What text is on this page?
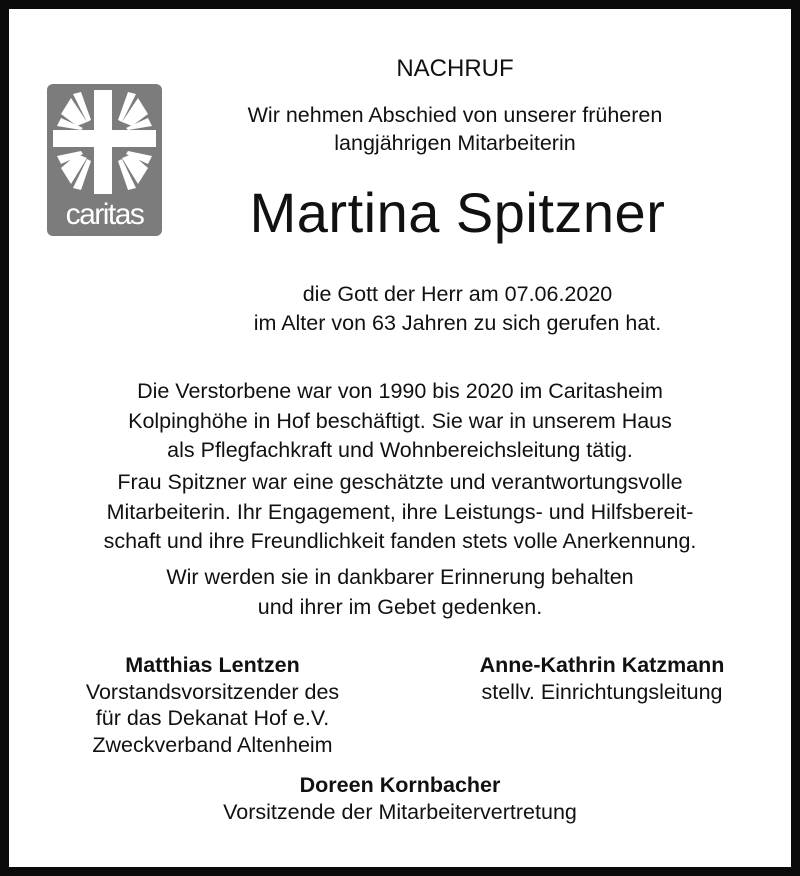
caritas
NACHRUF
Wir nehmen Abschied von unserer früheren
langjährigen Mitarbeiterin
Martina Spitzner
die Gott der Herr am 07.06.2020
im Alter von 63 Jahren zu sich gerufen hat.
Die Verstorbene war von 1990 bis 2020 im Caritasheim
Kolpinghöhe in Hof beschäftigt. Sie war in unserem Haus
als Pflegfachkraft und Wohnbereichsleitung tätig.
Frau Spitzner war eine geschätzte und verantwortungsvolle
Mitarbeiterin. Ihr Engagement, ihre Leistungs- und Hilfsbereit-
schaft und ihre Freundlichkeit fanden stets volle Anerkennung.
Wir werden sie in dankbarer Erinnerung behalten
und ihrer im Gebet gedenken.
Matthias Lentzen
Vorstandsvorsitzender des
für das Dekanat Hof e.V.
Zweckverband Altenheim
Anne-Kathrin Katzmann
stellv. Einrichtungsleitung
Doreen Kornbacher
Vorsitzende der Mitarbeitervertretung
